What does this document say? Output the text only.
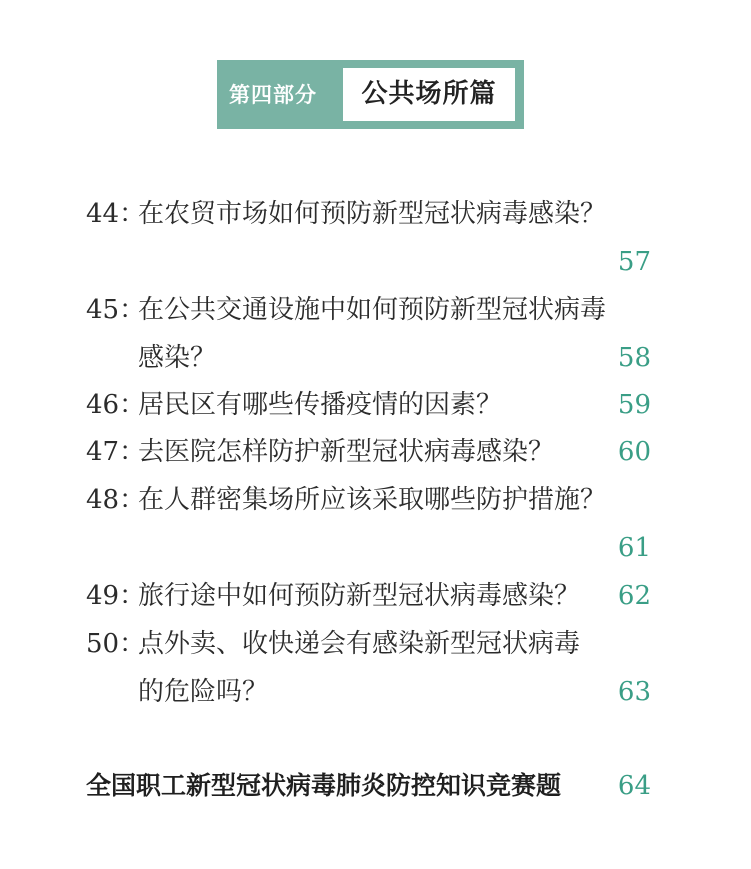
第四部分	公共场所篇
44：
在农贸市场如何预防新型冠状病毒感染？
57
45：
在公共交通设施中如何预防新型冠状病毒
感染？	58
46：
居民区有哪些传播疫情的因素？	59
47：
去医院怎样防护新型冠状病毒感染？ 60
48：
在人群密集场所应该采取哪些防护措施？
61
49：
旅行途中如何预防新型冠状病毒感染？ 62
50：
点外卖、收快递会有感染新型冠状病毒
的危险吗？	63
全国职工新型冠状病毒肺炎防控知识竞赛题 64
